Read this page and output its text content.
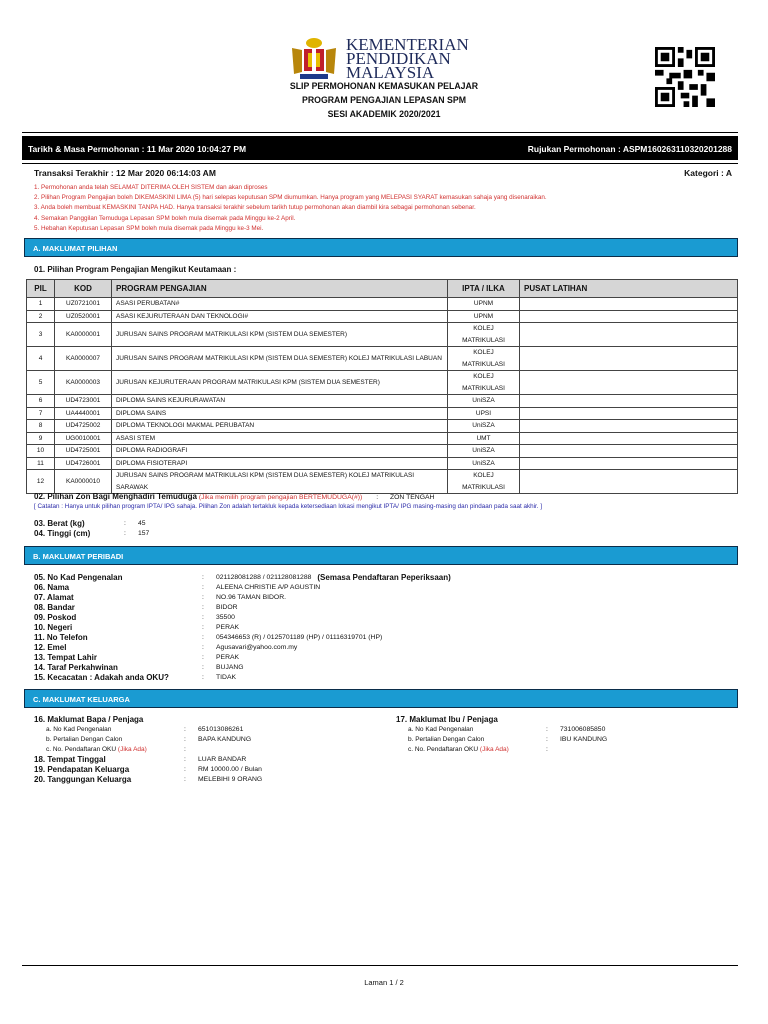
KEMENTERIAN
PENDIDIKAN
MALAYSIA
SLIP PERMOHONAN KEMASUKAN PELAJAR
PROGRAM PENGAJIAN LEPASAN SPM
SESI AKADEMIK 2020/2021
Tarikh & Masa Permohonan : 11 Mar 2020 10:04:27 PM	Rujukan Permohonan : ASPM160263110320201288
Transaksi Terakhir : 12 Mar 2020 06:14:03 AM	Kategori : A
1. Permohonan anda telah SELAMAT DITERIMA OLEH SISTEM dan akan diproses
2. Pilihan Program Pengajian boleh DIKEMASKINI LIMA (5) hari selepas keputusan SPM diumumkan. Hanya program yang MELEPASI SYARAT kemasukan sahaja yang disenaraikan.
3. Anda boleh membuat KEMASKINI TANPA HAD. Hanya transaksi terakhir sebelum tarikh tutup permohonan akan diambil kira sebagai permohonan sebenar.
4. Semakan Panggilan Temuduga Lepasan SPM boleh mula disemak pada Minggu ke-2 April.
5. Hebahan Keputusan Lepasan SPM boleh mula disemak pada Minggu ke-3 Mei.
A. MAKLUMAT PILIHAN
01. Pilihan Program Pengajian Mengikut Keutamaan :
PIL	KOD	PROGRAM PENGAJIAN	IPTA / ILKA	PUSAT LATIHAN
1	UZ0721001	ASASI PERUBATAN#	UPNM	
2	UZ0520001	ASASI KEJURUTERAAN DAN TEKNOLOGI#	UPNM	
3	KA0000001	JURUSAN SAINS PROGRAM MATRIKULASI KPM (SISTEM DUA SEMESTER)	KOLEJ MATRIKULASI	
4	KA0000007	JURUSAN SAINS PROGRAM MATRIKULASI KPM (SISTEM DUA SEMESTER) KOLEJ MATRIKULASI LABUAN	KOLEJ MATRIKULASI	
5	KA0000003	JURUSAN KEJURUTERAAN PROGRAM MATRIKULASI KPM (SISTEM DUA SEMESTER)	KOLEJ MATRIKULASI	
6	UD4723001	DIPLOMA SAINS KEJURURAWATAN	UniSZA	
7	UA4440001	DIPLOMA SAINS	UPSI	
8	UD4725002	DIPLOMA TEKNOLOGI MAKMAL PERUBATAN	UniSZA	
9	UG0010001	ASASI STEM	UMT	
10	UD4725001	DIPLOMA RADIOGRAFI	UniSZA	
11	UD4726001	DIPLOMA FISIOTERAPI	UniSZA	
12	KA0000010	JURUSAN SAINS PROGRAM MATRIKULASI KPM (SISTEM DUA SEMESTER) KOLEJ MATRIKULASI SARAWAK	KOLEJ MATRIKULASI	
02. Pilihan Zon Bagi Menghadiri Temuduga (Jika memilih program pengajian BERTEMUDUGA(#)) : ZON TENGAH
[ Catatan : Hanya untuk pilihan program IPTA/ IPG sahaja. Pilihan Zon adalah tertakluk kepada ketersediaan lokasi mengikut IPTA/ IPG masing-masing dan pindaan pada saat akhir. ]
03. Berat (kg)	:	45
04. Tinggi (cm)	:	157
B. MAKLUMAT PERIBADI
05. No Kad Pengenalan	:	021128081288 / 021128081288 (Semasa Pendaftaran Peperiksaan)
06. Nama	:	ALEENA CHRISTIE A/P AGUSTIN
07. Alamat	:	NO.96 TAMAN BIDOR.
08. Bandar	:	BIDOR
09. Poskod	:	35500
10. Negeri	:	PERAK
11. No Telefon	:	054346653 (R) / 0125701189 (HP) / 01116319701 (HP)
12. Emel	:	Agusavari@yahoo.com.my
13. Tempat Lahir	:	PERAK
14. Taraf Perkahwinan	:	BUJANG
15. Kecacatan : Adakah anda OKU?	:	TIDAK
C. MAKLUMAT KELUARGA
16. Maklumat Bapa / Penjaga
a. No Kad Pengenalan	:	651013086261
b. Pertalian Dengan Calon	:	BAPA KANDUNG
c. No. Pendaftaran OKU (Jika Ada)	:
18. Tempat Tinggal	:	LUAR BANDAR
19. Pendapatan Keluarga	:	RM 10000.00 / Bulan
20. Tanggungan Keluarga	:	MELEBIHI 9 ORANG
17. Maklumat Ibu / Penjaga
a. No Kad Pengenalan	:	731006085850
b. Pertalian Dengan Calon	:	IBU KANDUNG
c. No. Pendaftaran OKU (Jika Ada)	:
Laman 1 / 2
